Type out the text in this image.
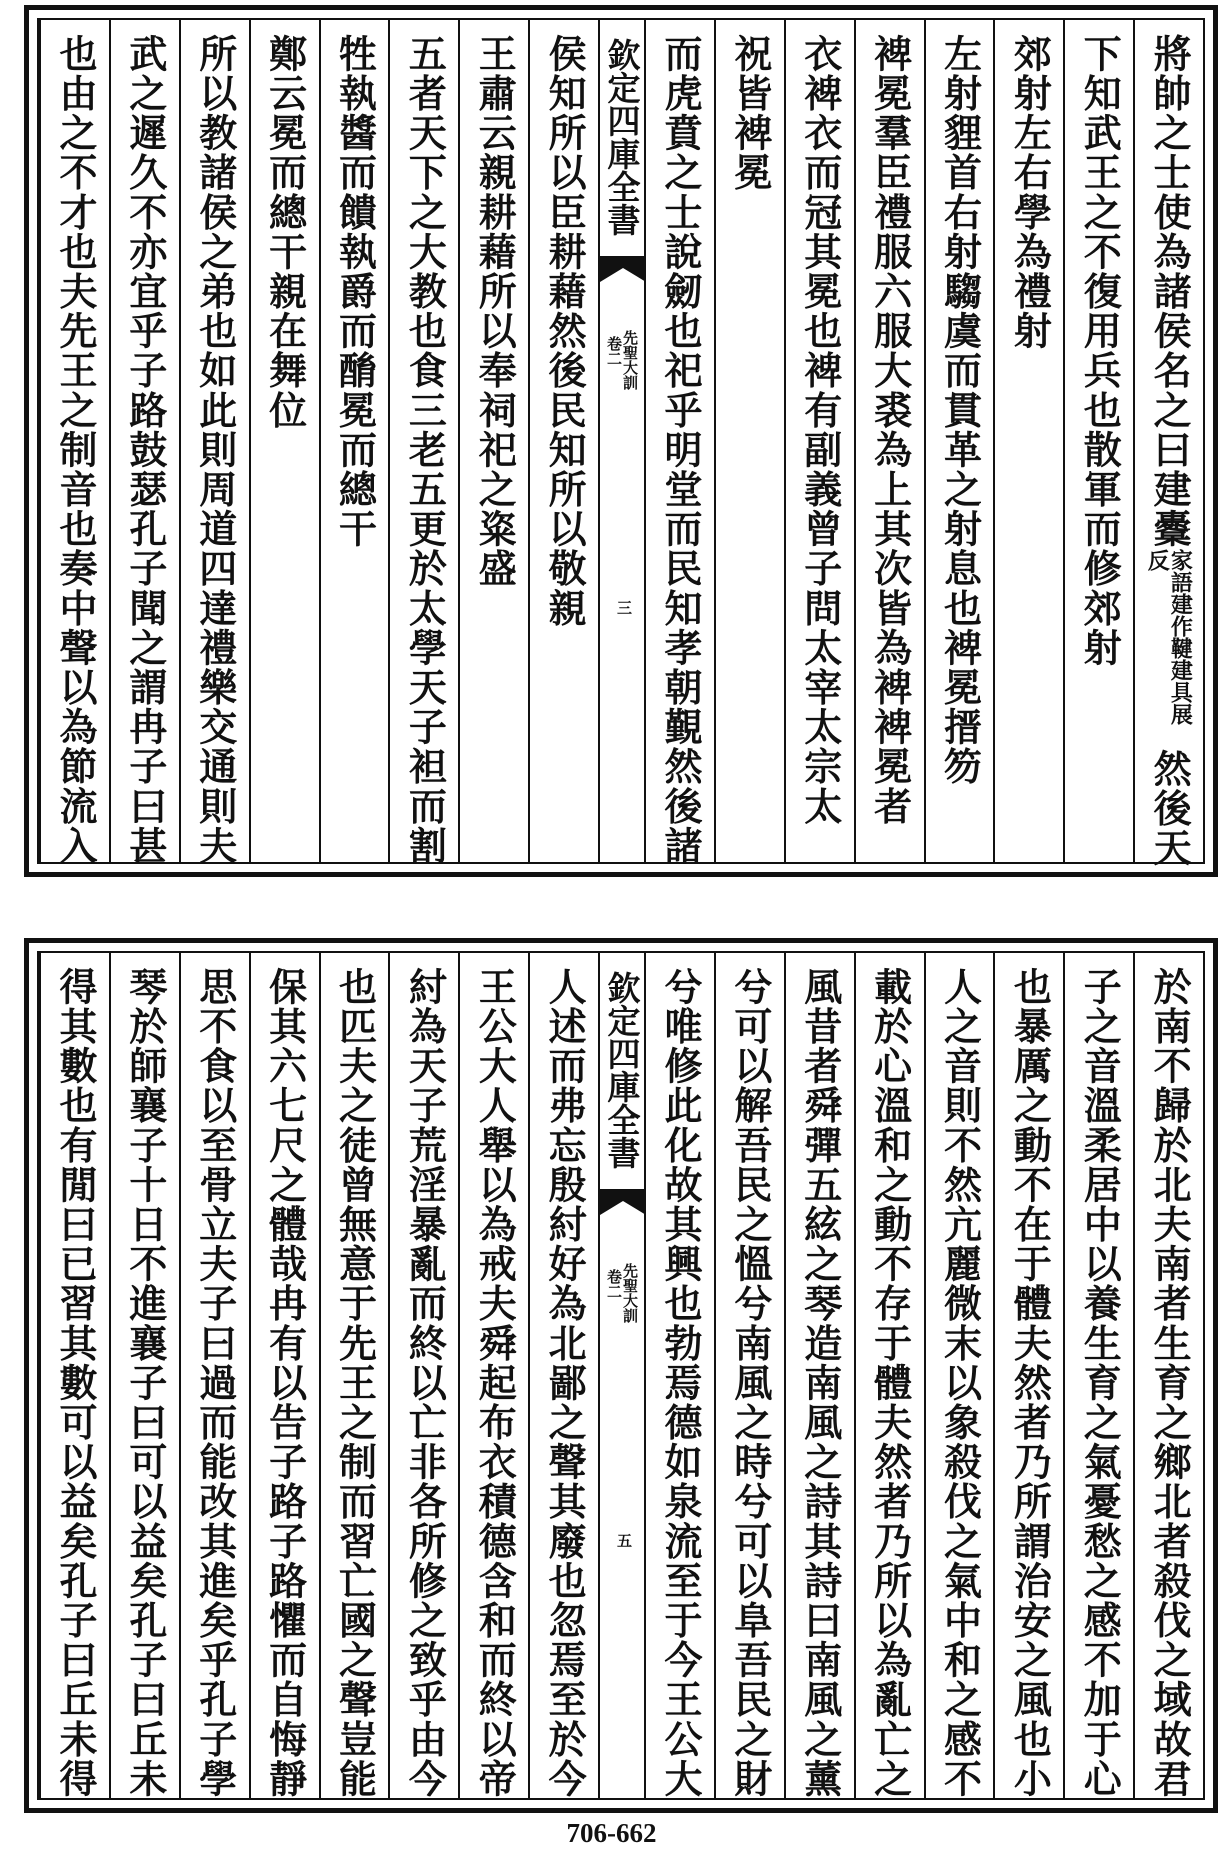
將帥之士使為諸侯名之曰建櫜
家語建作鞬建具展反
然後天
下知武王之不復用兵也散軍而修郊射
郊射左右學為禮射
左射貍首右射騶虞而貫革之射息也裨冕搢笏
裨冕羣臣禮服六服大裘為上其次皆為裨裨冕者
衣裨衣而冠其冕也裨有副義曾子問太宰太宗太
祝皆裨冕
而虎賁之士說劒也祀乎明堂而民知孝朝覲然後諸
欽定四庫全書
先聖大訓
卷二
三
侯知所以臣耕藉然後民知所以敬親
王肅云親耕藉所以奉祠祀之粢盛
五者天下之大教也食三老五更於太學天子袒而割
牲執醬而饋執爵而酳冕而總干
鄭云冕而總干親在舞位
所以教諸侯之弟也如此則周道四達禮樂交通則夫
武之遲久不亦宜乎子路鼓瑟孔子聞之謂冉子曰甚
也由之不才也夫先王之制音也奏中聲以為節流入
於南不歸於北夫南者生育之鄉北者殺伐之域故君
子之音溫柔居中以養生育之氣憂愁之感不加于心
也暴厲之動不在于體夫然者乃所謂治安之風也小
人之音則不然亢麗微末以象殺伐之氣中和之感不
載於心溫和之動不存于體夫然者乃所以為亂亡之
風昔者舜彈五絃之琴造南風之詩其詩曰南風之薰
兮可以解吾民之慍兮南風之時兮可以阜吾民之財
兮唯修此化故其興也勃焉德如泉流至于今王公大
欽定四庫全書
先聖大訓
卷二
五
人述而弗忘殷紂好為北鄙之聲其廢也忽焉至於今
王公大人舉以為戒夫舜起布衣積德含和而終以帝
紂為天子荒淫暴亂而終以亡非各所修之致乎由今
也匹夫之徒曾無意于先王之制而習亡國之聲豈能
保其六七尺之體哉冉有以告子路子路懼而自悔靜
思不食以至骨立夫子曰過而能改其進矣乎孔子學
琴於師襄子十日不進襄子曰可以益矣孔子曰丘未
得其數也有閒曰已習其數可以益矣孔子曰丘未得
706-662
